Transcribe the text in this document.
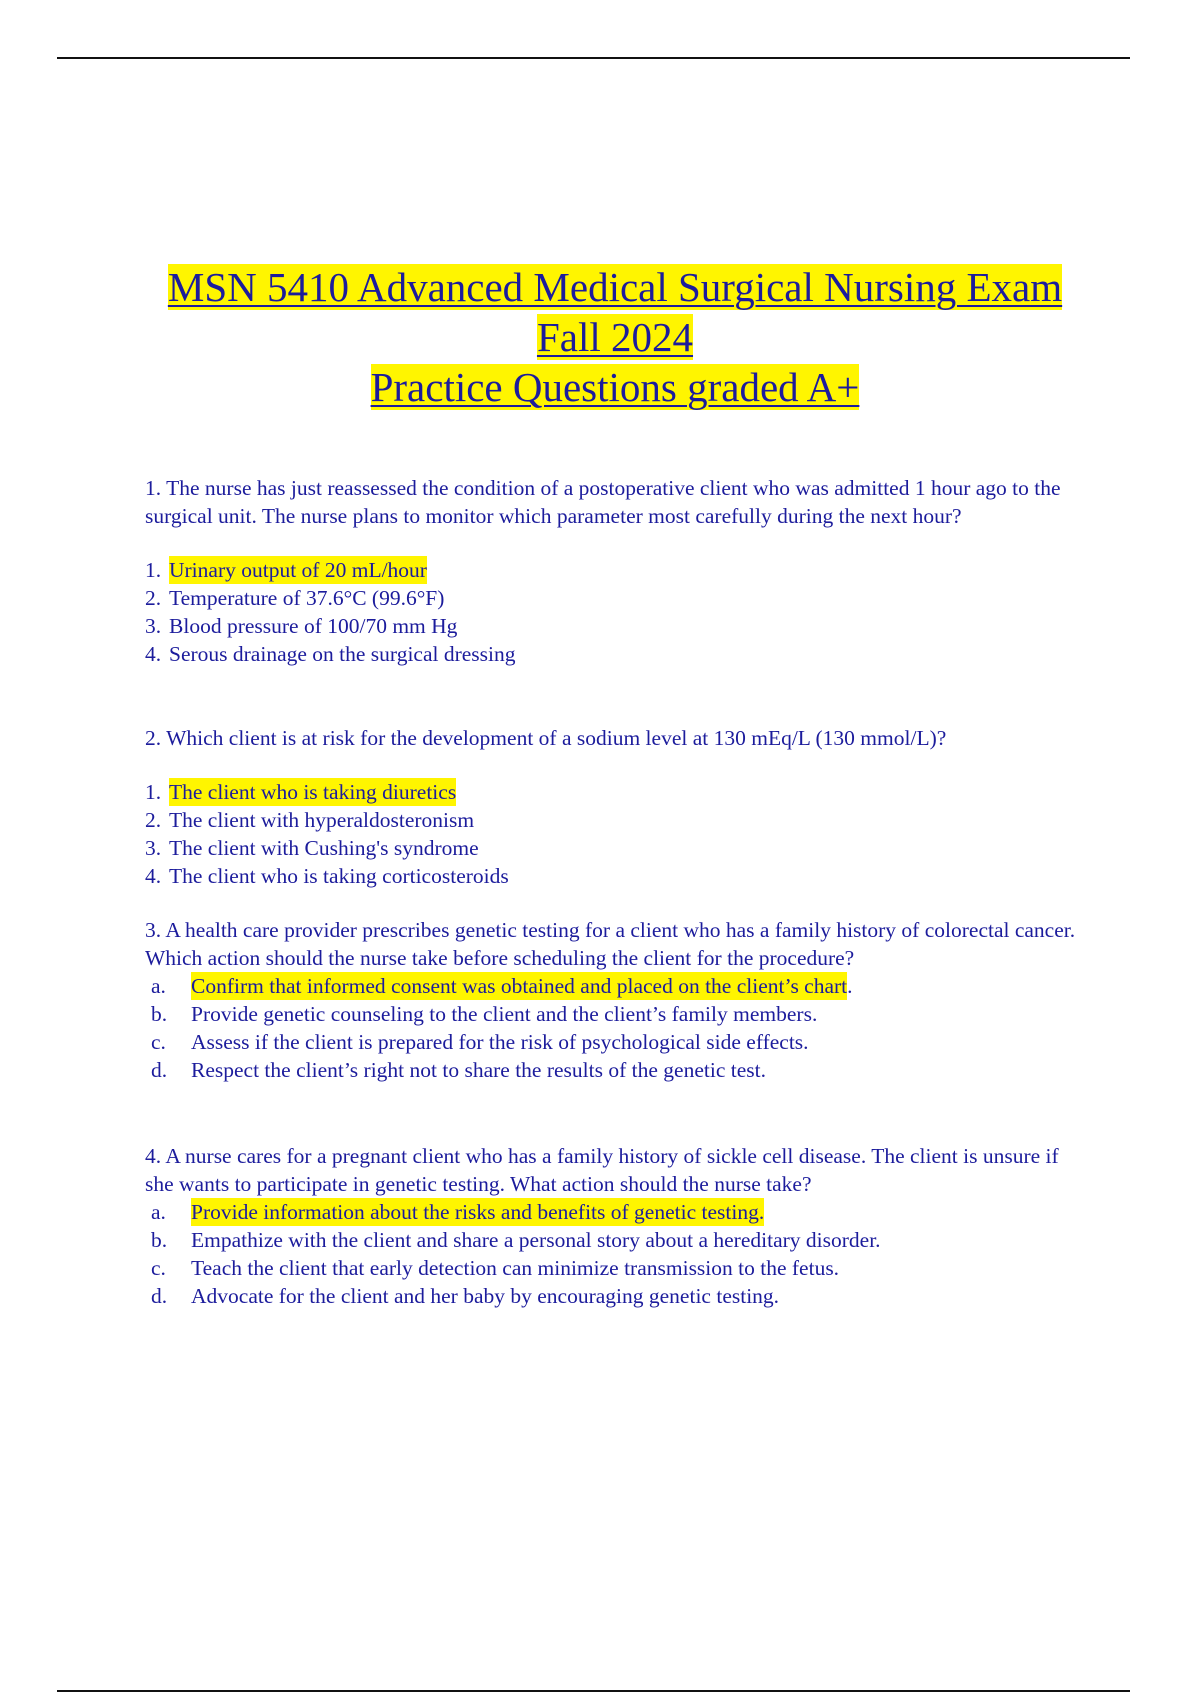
MSN 5410 Advanced Medical Surgical Nursing Exam
Fall 2024
Practice Questions graded A+

1. The nurse has just reassessed the condition of a postoperative client who was admitted 1 hour ago to the surgical unit. The nurse plans to monitor which parameter most carefully during the next hour?

1. Urinary output of 20 mL/hour
2. Temperature of 37.6°C (99.6°F)
3. Blood pressure of 100/70 mm Hg
4. Serous drainage on the surgical dressing

2. Which client is at risk for the development of a sodium level at 130 mEq/L (130 mmol/L)?

1. The client who is taking diuretics
2. The client with hyperaldosteronism
3. The client with Cushing's syndrome
4. The client who is taking corticosteroids

3. A health care provider prescribes genetic testing for a client who has a family history of colorectal cancer. Which action should the nurse take before scheduling the client for the procedure?

a.	Confirm that informed consent was obtained and placed on the client’s chart .
b.	Provide genetic counseling to the client and the client’s family members.
c.	Assess if the client is prepared for the risk of psychological side effects.
d.	Respect the client’s right not to share the results of the genetic test.

4. A nurse cares for a pregnant client who has a family history of sickle cell disease. The client is unsure if she wants to participate in genetic testing. What action should the nurse take?

a.	Provide information about the risks and benefits of genetic testing.
b.	Empathize with the client and share a personal story about a hereditary disorder.
c.	Teach the client that early detection can minimize transmission to the fetus.
d.	Advocate for the client and her baby by encouraging genetic testing.
